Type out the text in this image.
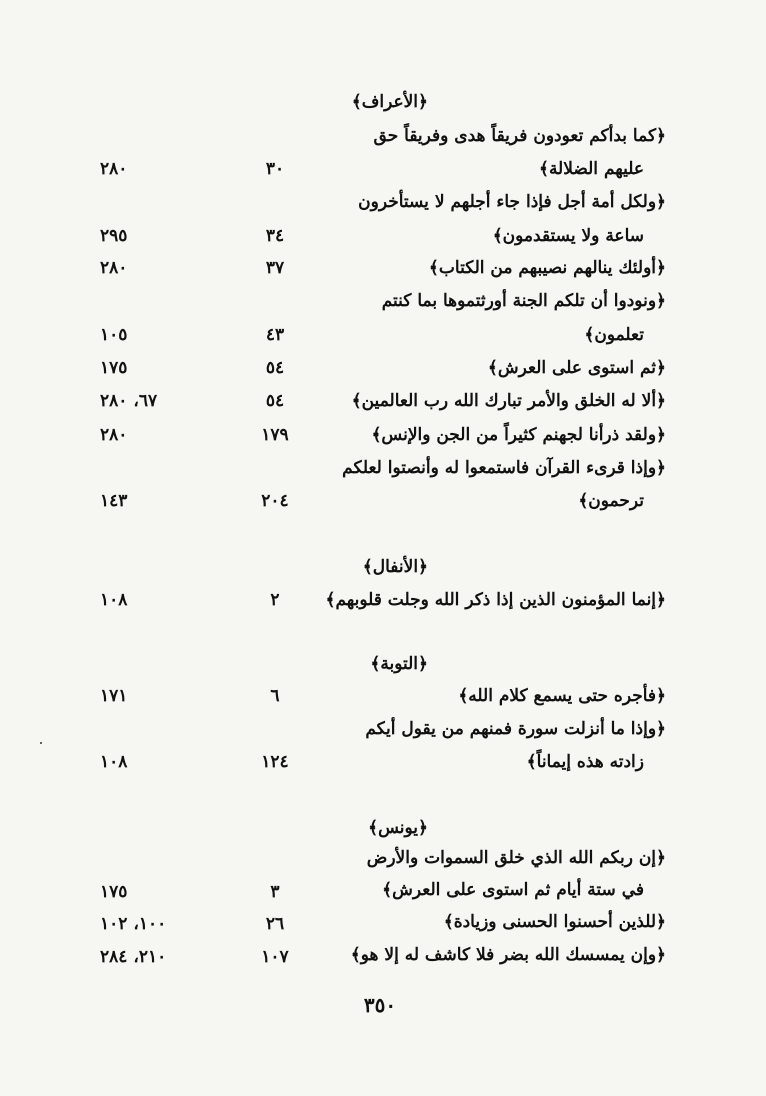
﴿الأعراف﴾
﴿كما بدأكم تعودون فريقاً هدى وفريقاً حق
عليهم الضلالة﴾
٣٠
٢٨٠
﴿ولكل أمة أجل فإذا جاء أجلهم لا يستأخرون
ساعة ولا يستقدمون﴾
٣٤
٢٩٥
﴿أولئك ينالهم نصيبهم من الكتاب﴾
٣٧
٢٨٠
﴿ونودوا أن تلكم الجنة أورثتموها بما كنتم
تعلمون﴾
٤٣
١٠٥
﴿ثم استوى على العرش﴾
٥٤
١٧٥
﴿ألا له الخلق والأمر تبارك الله رب العالمين﴾
٥٤
٦٧، ٢٨٠
﴿ولقد ذرأنا لجهنم كثيراً من الجن والإنس﴾
١٧٩
٢٨٠
﴿وإذا قرىء القرآن فاستمعوا له وأنصتوا لعلكم
ترحمون﴾
٢٠٤
١٤٣
﴿الأنفال﴾
﴿إنما المؤمنون الذين إذا ذكر الله وجلت قلوبهم﴾
٢
١٠٨
﴿التوبة﴾
﴿فأجره حتى يسمع كلام الله﴾
٦
١٧١
﴿وإذا ما أنزلت سورة فمنهم من يقول أيكم
زادته هذه إيماناً﴾
١٢٤
١٠٨
﴿يونس﴾
﴿إن ربكم الله الذي خلق السموات والأرض
في ستة أيام ثم استوى على العرش﴾
٣
١٧٥
﴿للذين أحسنوا الحسنى وزيادة﴾
٢٦
١٠٠، ١٠٢
﴿وإن يمسسك الله بضر فلا كاشف له إلا هو﴾
١٠٧
٢١٠، ٢٨٤
٣٥٠
